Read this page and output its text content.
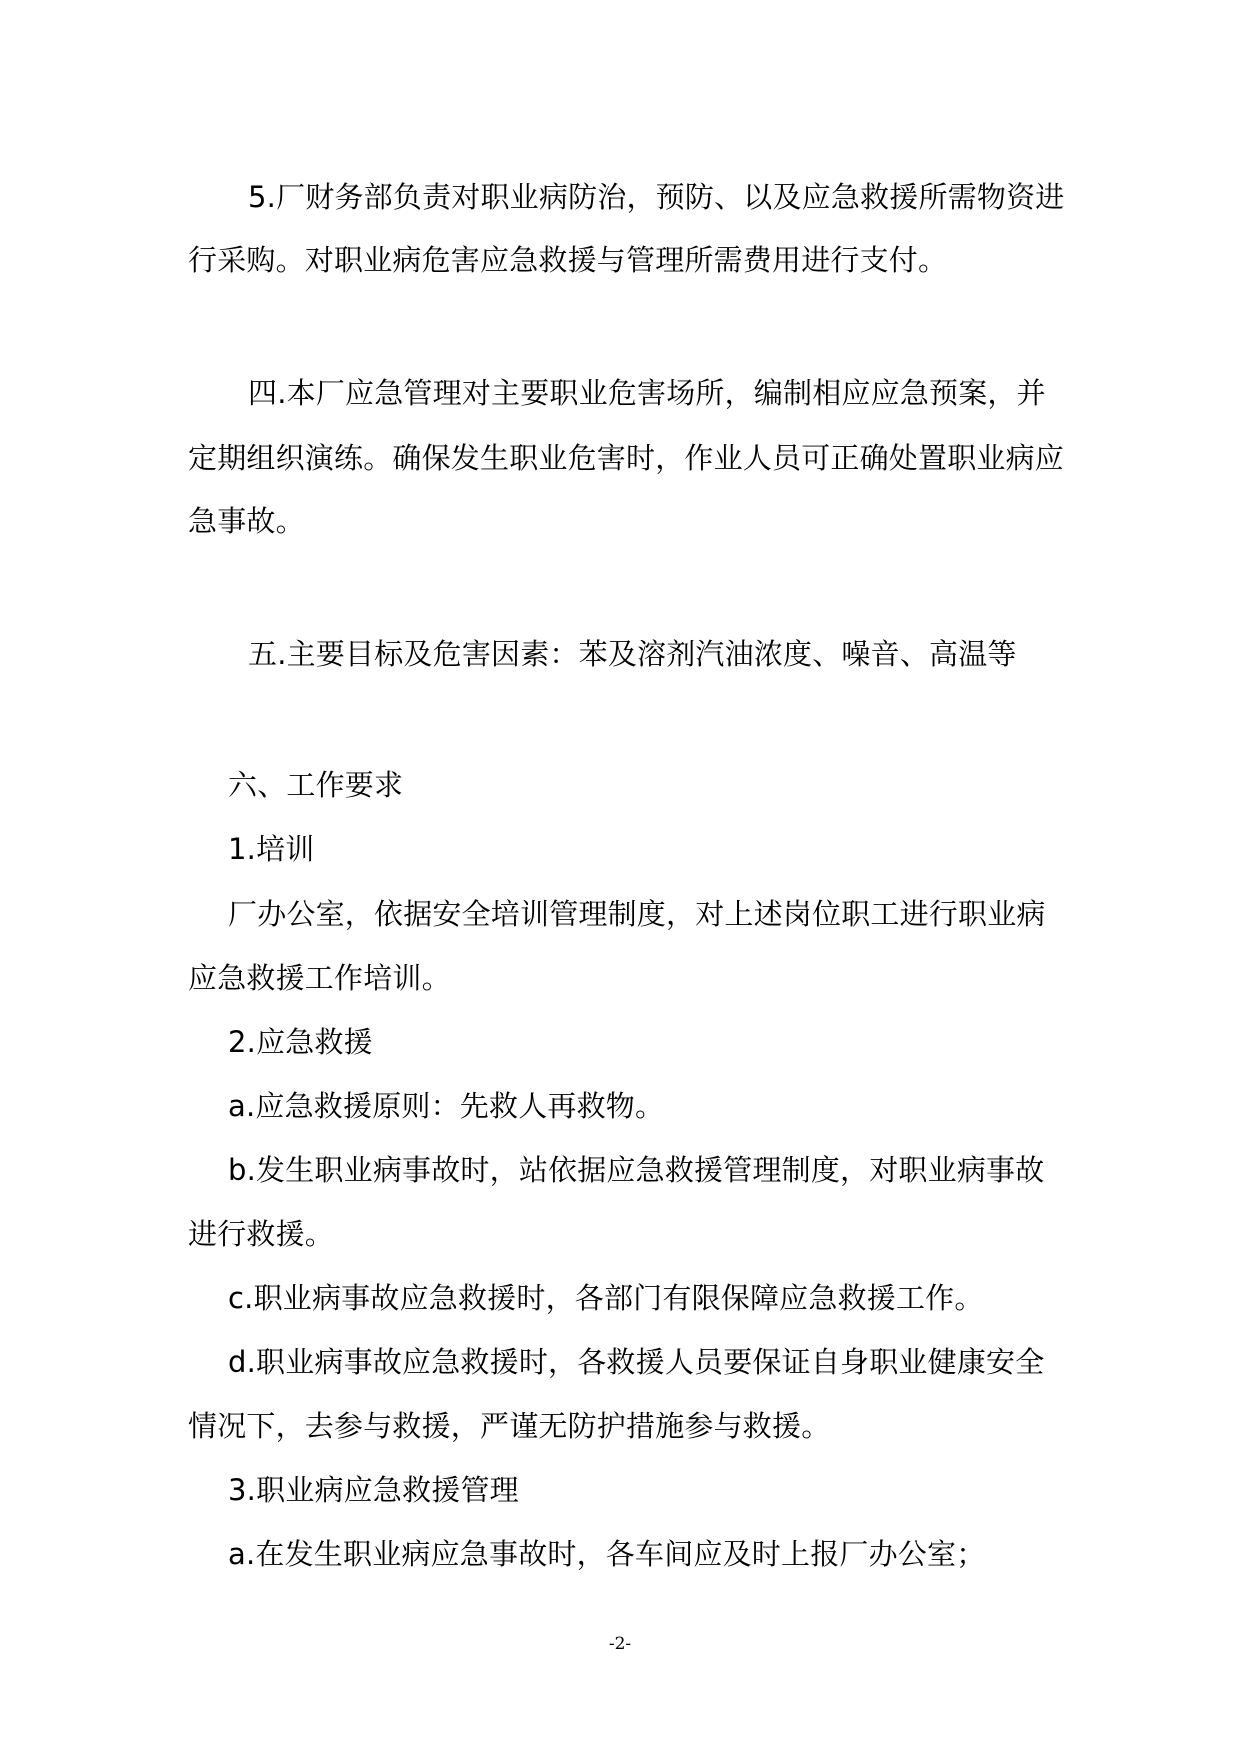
5.厂财务部负责对职业病防治，预防、以及应急救援所需物资进
行采购。对职业病危害应急救援与管理所需费用进行支付。
四.本厂应急管理对主要职业危害场所，编制相应应急预案，并
定期组织演练。确保发生职业危害时，作业人员可正确处置职业病应
急事故。
五.主要目标及危害因素：苯及溶剂汽油浓度、噪音、高温等
六、工作要求
1.培训
厂办公室，依据安全培训管理制度，对上述岗位职工进行职业病
应急救援工作培训。
2.应急救援
a.应急救援原则：先救人再救物。
b.发生职业病事故时，站依据应急救援管理制度，对职业病事故
进行救援。
c.职业病事故应急救援时，各部门有限保障应急救援工作。
d.职业病事故应急救援时，各救援人员要保证自身职业健康安全
情况下，去参与救援，严谨无防护措施参与救援。
3.职业病应急救援管理
a.在发生职业病应急事故时，各车间应及时上报厂办公室；
-2-
